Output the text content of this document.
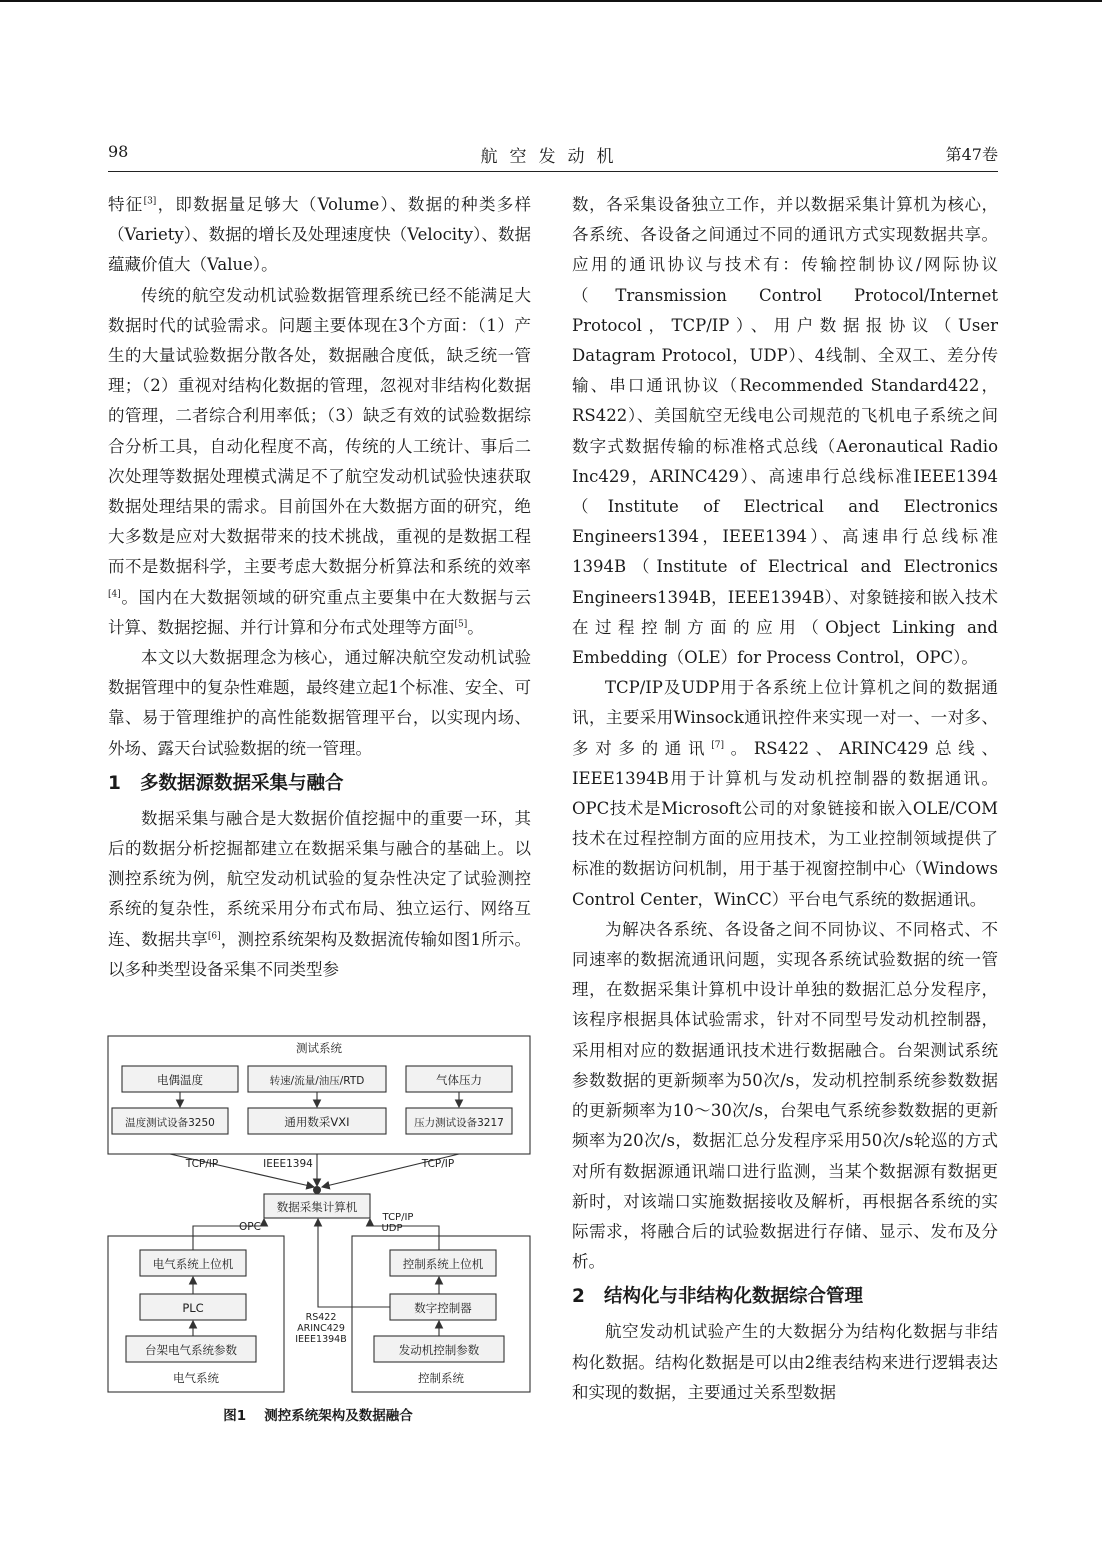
98	航空发动机	第47卷

特征[3]，即数据量足够大（Volume）、数据的种类多样（Variety）、数据的增长及处理速度快（Velocity）、数据蕴藏价值大（Value）。

传统的航空发动机试验数据管理系统已经不能满足大数据时代的试验需求。问题主要体现在3个方面：（1）产生的大量试验数据分散各处，数据融合度低，缺乏统一管理；（2）重视对结构化数据的管理，忽视对非结构化数据的管理，二者综合利用率低；（3）缺乏有效的试验数据综合分析工具，自动化程度不高，传统的人工统计、事后二次处理等数据处理模式满足不了航空发动机试验快速获取数据处理结果的需求。目前国外在大数据方面的研究，绝大多数是应对大数据带来的技术挑战，重视的是数据工程而不是数据科学，主要考虑大数据分析算法和系统的效率[4]。国内在大数据领域的研究重点主要集中在大数据与云计算、数据挖掘、并行计算和分布式处理等方面[5]。

本文以大数据理念为核心，通过解决航空发动机试验数据管理中的复杂性难题，最终建立起1个标准、安全、可靠、易于管理维护的高性能数据管理平台，以实现内场、外场、露天台试验数据的统一管理。

1 多数据源数据采集与融合

数据采集与融合是大数据价值挖掘中的重要一环，其后的数据分析挖掘都建立在数据采集与融合的基础上。以测控系统为例，航空发动机试验的复杂性决定了试验测控系统的复杂性，系统采用分布式布局、独立运行、网络互连、数据共享[6]，测控系统架构及数据流传输如图1所示。以多种类型设备采集不同类型参

测试系统
电偶温度	转速/流量/油压/RTD	气体压力
温度测试设备3250	通用数采VXI	压力测试设备3217
TCP/IP	IEEE1394	TCP/IP
数据采集计算机
OPC
TCP/IP
UDP
电气系统上位机
PLC
台架电气系统参数
电气系统
RS422
ARINC429
IEEE1394B
控制系统上位机
数字控制器
发动机控制参数
控制系统
图1 测控系统架构及数据融合

数，各采集设备独立工作，并以数据采集计算机为核心，各系统、各设备之间通过不同的通讯方式实现数据共享。应用的通讯协议与技术有：传输控制协议/网际协议（Transmission Control Protocol/Internet Protocol，TCP/IP）、用户数据报协议（User Datagram Protocol，UDP）、4线制、全双工、差分传输、串口通讯协议（Recommended Standard422，RS422）、美国航空无线电公司规范的飞机电子系统之间数字式数据传输的标准格式总线（Aeronautical Radio Inc429，ARINC429）、高速串行总线标准IEEE1394（Institute of Electrical and Electronics Engineers1394，IEEE1394）、高速串行总线标准1394B（Institute of Electrical and Electronics Engineers1394B，IEEE1394B）、对象链接和嵌入技术在过程控制方面的应用（Object Linking and Embedding（OLE）for Process Control，OPC）。

TCP/IP及UDP用于各系统上位计算机之间的数据通讯，主要采用Winsock通讯控件来实现一对一、一对多、多对多的通讯[7]。RS422、ARINC429总线、IEEE1394B用于计算机与发动机控制器的数据通讯。OPC技术是Microsoft公司的对象链接和嵌入OLE/COM技术在过程控制方面的应用技术，为工业控制领域提供了标准的数据访问机制，用于基于视窗控制中心（Windows Control Center，WinCC）平台电气系统的数据通讯。

为解决各系统、各设备之间不同协议、不同格式、不同速率的数据流通讯问题，实现各系统试验数据的统一管理，在数据采集计算机中设计单独的数据汇总分发程序，该程序根据具体试验需求，针对不同型号发动机控制器，采用相对应的数据通讯技术进行数据融合。台架测试系统参数数据的更新频率为50次/s，发动机控制系统参数数据的更新频率为10～30次/s，台架电气系统参数数据的更新频率为20次/s，数据汇总分发程序采用50次/s轮巡的方式对所有数据源通讯端口进行监测，当某个数据源有数据更新时，对该端口实施数据接收及解析，再根据各系统的实际需求，将融合后的试验数据进行存储、显示、发布及分析。

2 结构化与非结构化数据综合管理

航空发动机试验产生的大数据分为结构化数据与非结构化数据。结构化数据是可以由2维表结构来进行逻辑表达和实现的数据，主要通过关系型数据
